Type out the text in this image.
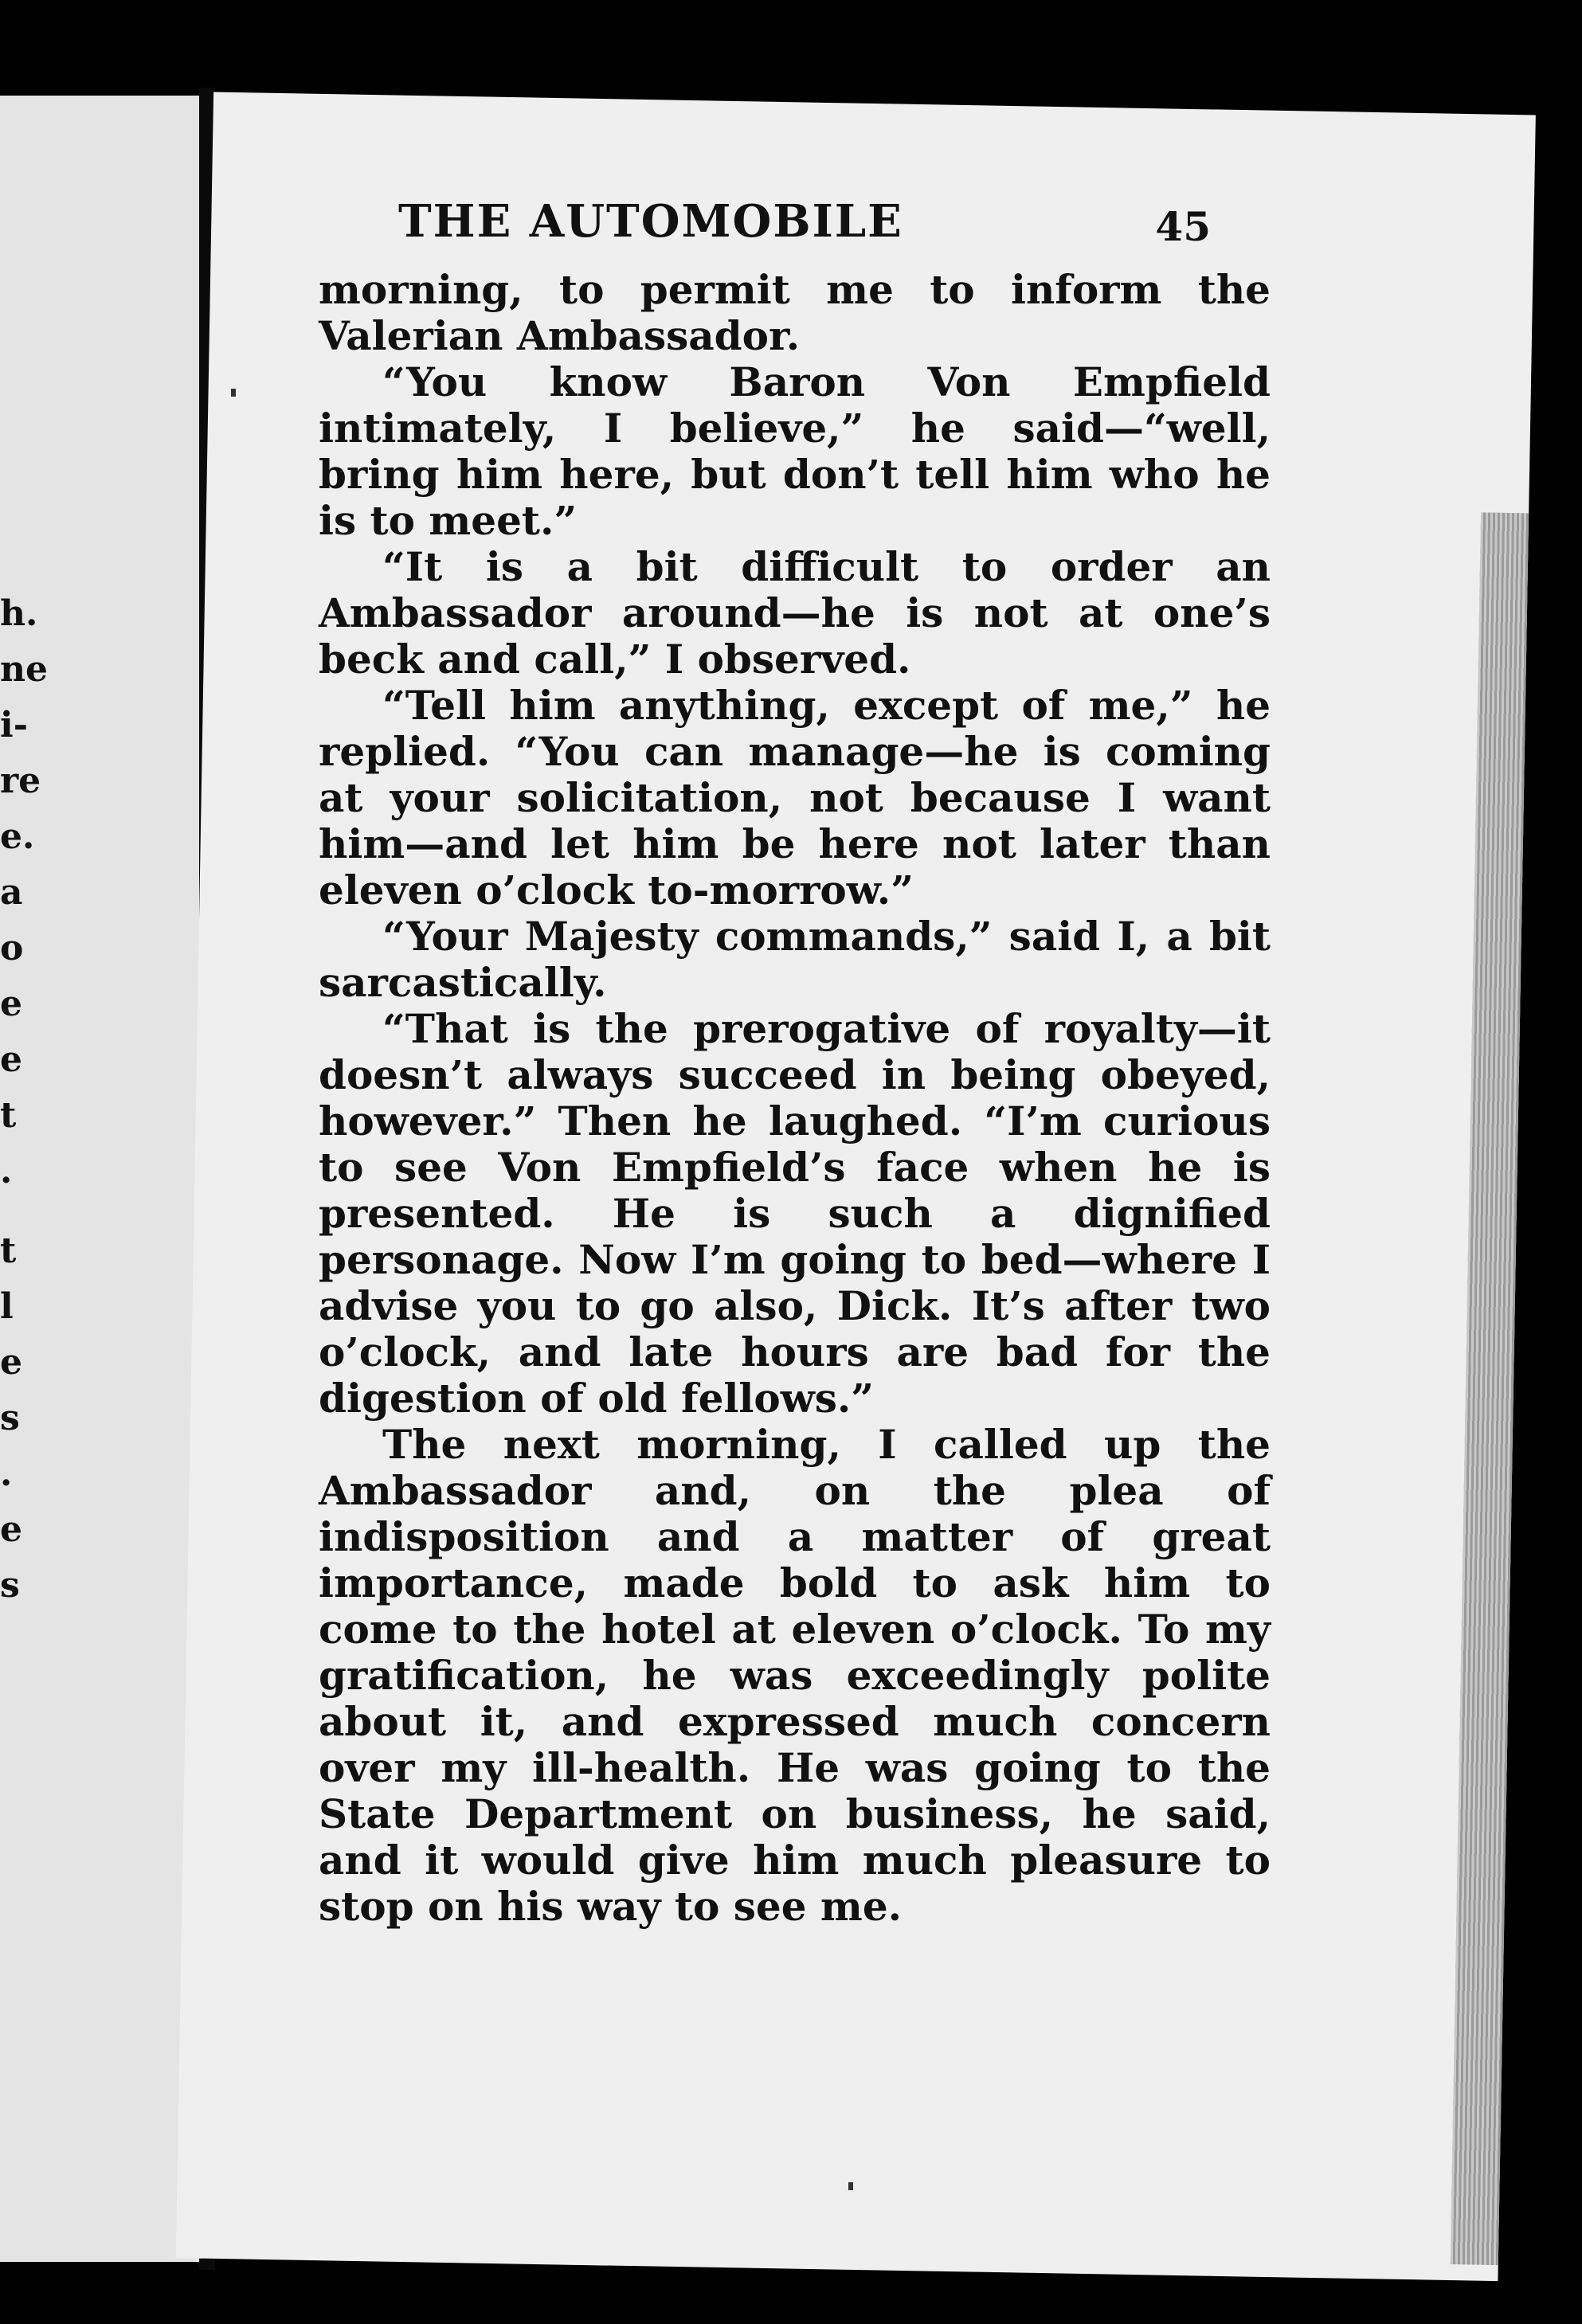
h.
ne
i-
re
e.
a
o
e
e
t
.
t
l
e
s
.
e
s
THE AUTOMOBILE	45

morning, to permit me to inform the Valerian Ambassador.

“You know Baron Von Empfield intimately, I believe,” he said—“well, bring him here, but don’t tell him who he is to meet.”

“It is a bit difficult to order an Ambassador around—he is not at one’s beck and call,” I observed.

“Tell him anything, except of me,” he replied. “You can manage—he is coming at your solicitation, not because I want him—and let him be here not later than eleven o’clock to-morrow.”

“Your Majesty commands,” said I, a bit sarcastically.

“That is the prerogative of royalty—it doesn’t always succeed in being obeyed, however.” Then he laughed. “I’m curious to see Von Empfield’s face when he is presented. He is such a dignified personage. Now I’m going to bed—where I advise you to go also, Dick. It’s after two o’clock, and late hours are bad for the digestion of old fellows.”

The next morning, I called up the Ambassador and, on the plea of indisposition and a matter of great importance, made bold to ask him to come to the hotel at eleven o’clock. To my gratification, he was exceedingly polite about it, and expressed much concern over my ill-health. He was going to the State Department on business, he said, and it would give him much pleasure to stop on his way to see me.
